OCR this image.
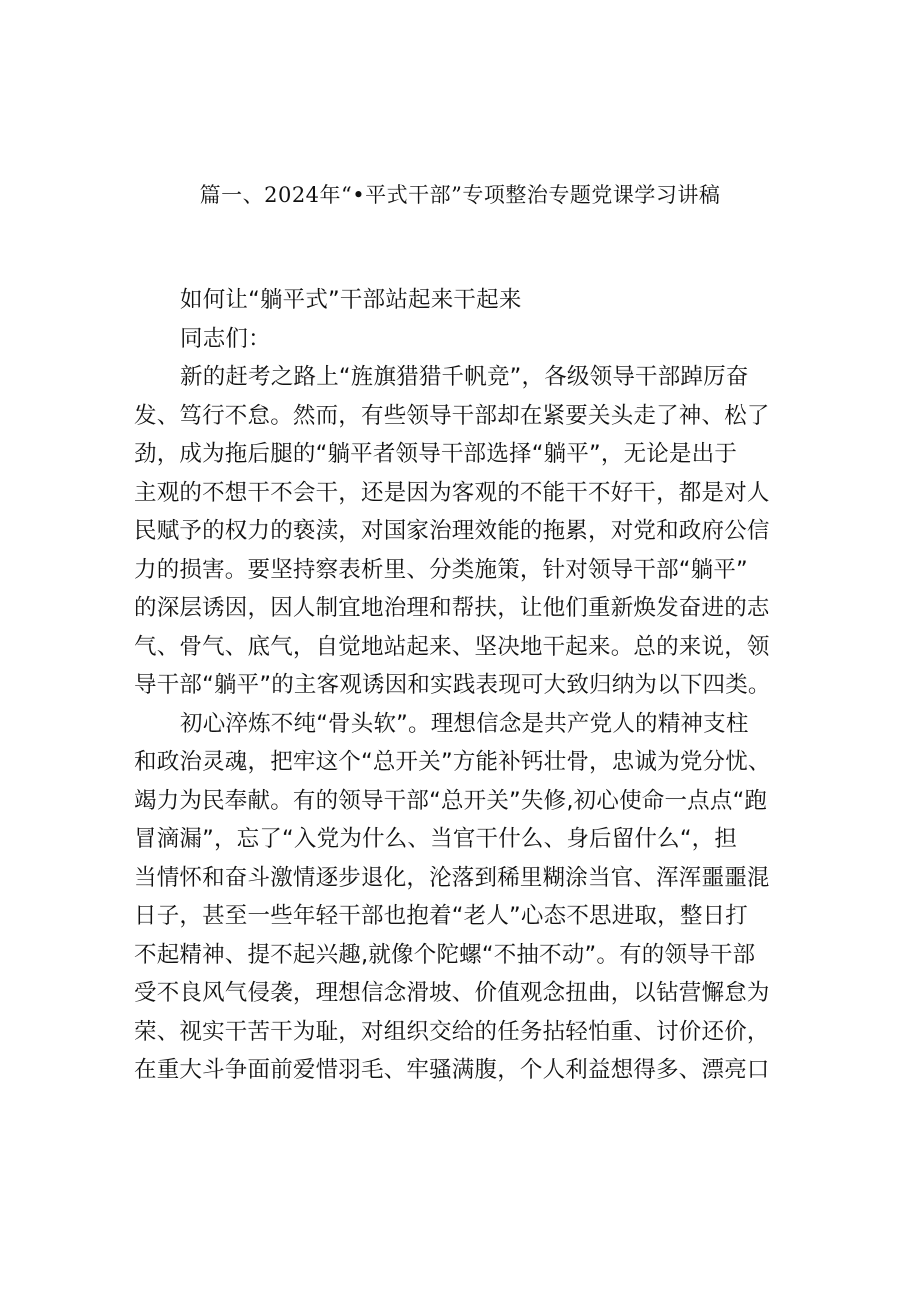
篇一、2024年“•平式干部”专项整治专题党课学习讲稿
如何让“躺平式”干部站起来干起来
同志们：
新的赶考之路上“旌旗猎猎千帆竞”，各级领导干部踔厉奋
发、笃行不怠。然而，有些领导干部却在紧要关头走了神、松了
劲，成为拖后腿的“躺平者领导干部选择“躺平”，无论是出于
主观的不想干不会干，还是因为客观的不能干不好干，都是对人
民赋予的权力的亵渎，对国家治理效能的拖累，对党和政府公信
力的损害。要坚持察表析里、分类施策，针对领导干部“躺平”
的深层诱因，因人制宜地治理和帮扶，让他们重新焕发奋进的志
气、骨气、底气，自觉地站起来、坚决地干起来。总的来说，领
导干部“躺平”的主客观诱因和实践表现可大致归纳为以下四类。
初心淬炼不纯“骨头软”。理想信念是共产党人的精神支柱
和政治灵魂，把牢这个“总开关”方能补钙壮骨，忠诚为党分忧、
竭力为民奉献。有的领导干部“总开关”失修,初心使命一点点“跑
冒滴漏”，忘了“入党为什么、当官干什么、身后留什么“，担
当情怀和奋斗激情逐步退化，沦落到稀里糊涂当官、浑浑噩噩混
日子，甚至一些年轻干部也抱着“老人”心态不思进取，整日打
不起精神、提不起兴趣,就像个陀螺“不抽不动”。有的领导干部
受不良风气侵袭，理想信念滑坡、价值观念扭曲，以钻营懈怠为
荣、视实干苦干为耻，对组织交给的任务拈轻怕重、讨价还价，
在重大斗争面前爱惜羽毛、牢骚满腹，个人利益想得多、漂亮口
